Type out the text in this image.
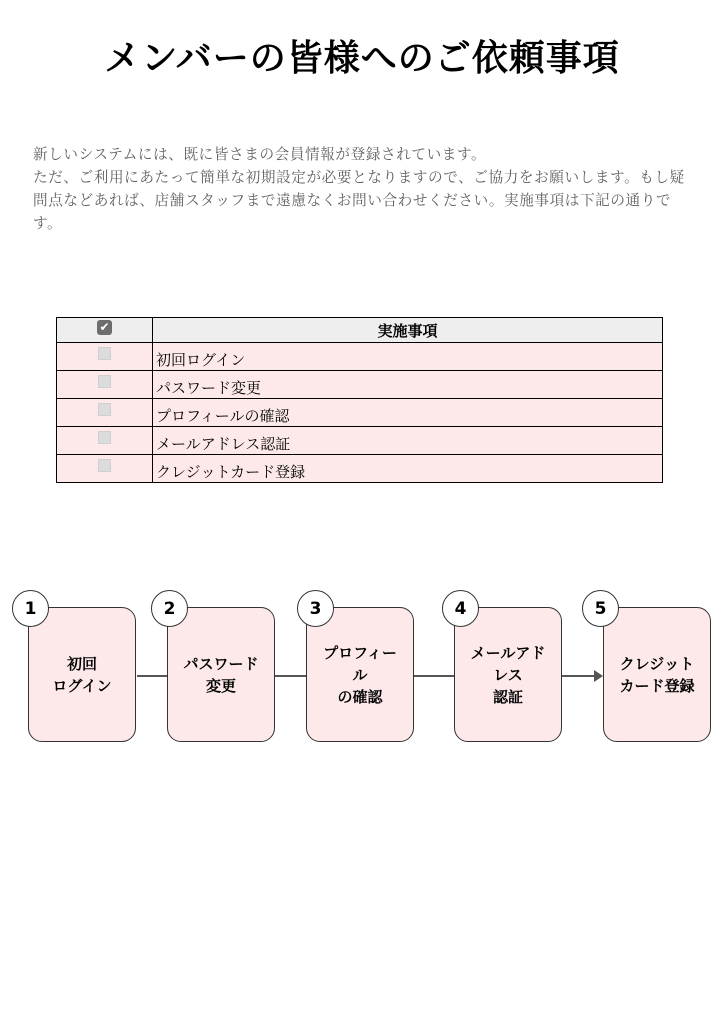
メンバーの皆様へのご依頼事項

新しいシステムには、既に皆さまの会員情報が登録されています。

ただ、ご利用にあたって簡単な初期設定が必要となりますので、ご協力をお願いします。もし疑問点などあれば、店舗スタッフまで遠慮なくお問い合わせください。実施事項は下記の通りです。

✔	実施事項
	初回ログイン
	パスワード変更
	プロフィールの確認
	メールアドレス認証
	クレジットカード登録
初回
ログイン
パスワード
変更
プロフィール
の確認
メールアドレス
認証
クレジット
カード登録
1	2	3	4	5
